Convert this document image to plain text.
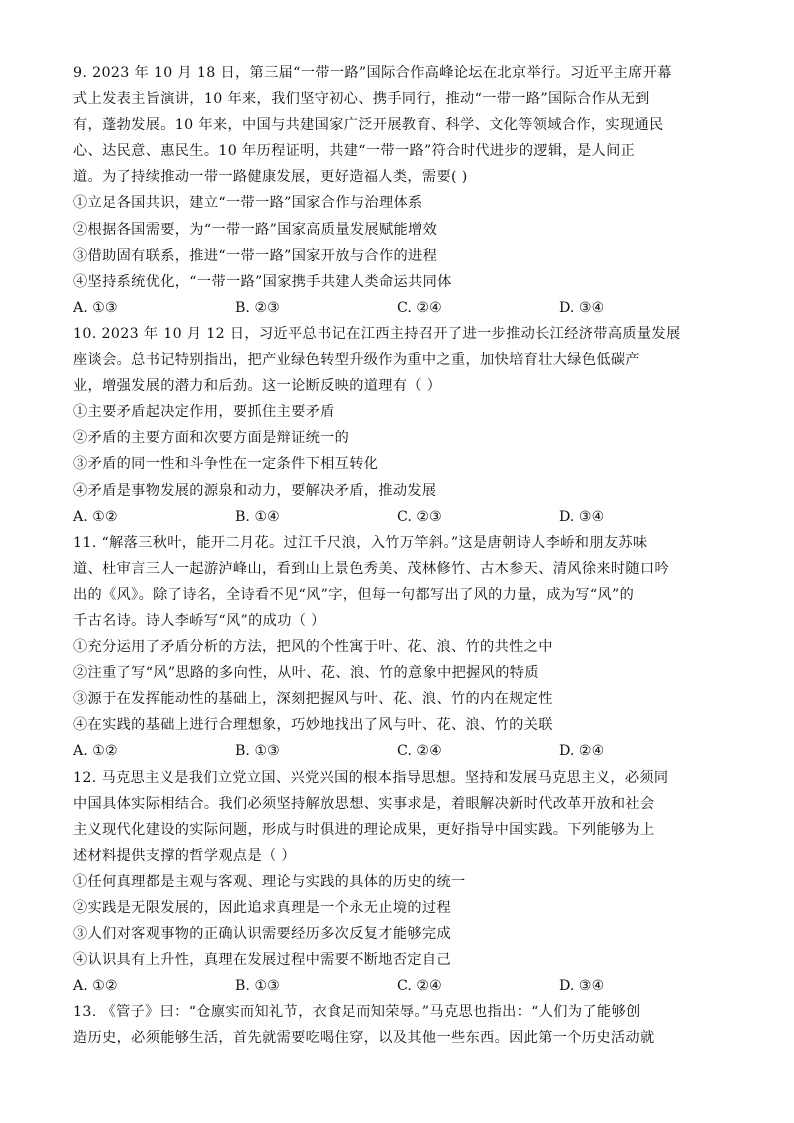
9. 2023 年 10 月 18 日，第三届“一带一路”国际合作高峰论坛在北京举行。习近平主席开幕
式上发表主旨演讲，10 年来，我们坚守初心、携手同行，推动“一带一路”国际合作从无到
有，蓬勃发展。10 年来，中国与共建国家广泛开展教育、科学、文化等领域合作，实现通民
心、达民意、惠民生。10 年历程证明，共建“一带一路”符合时代进步的逻辑，是人间正
道。为了持续推动一带一路健康发展，更好造福人类，需要( )
①立足各国共识，建立“一带一路”国家合作与治理体系
②根据各国需要，为“一带一路”国家高质量发展赋能增效
③借助固有联系，推进“一带一路”国家开放与合作的进程
④坚持系统优化，“一带一路”国家携手共建人类命运共同体
A. ①③	B. ②③	C. ②④	D. ③④
10. 2023 年 10 月 12 日，习近平总书记在江西主持召开了进一步推动长江经济带高质量发展
座谈会。总书记特别指出，把产业绿色转型升级作为重中之重，加快培育壮大绿色低碳产
业，增强发展的潜力和后劲。这一论断反映的道理有（ ）
①主要矛盾起决定作用，要抓住主要矛盾
②矛盾的主要方面和次要方面是辩证统一的
③矛盾的同一性和斗争性在一定条件下相互转化
④矛盾是事物发展的源泉和动力，要解决矛盾，推动发展
A. ①②	B. ①④	C. ②③	D. ③④
11. “解落三秋叶，能开二月花。过江千尺浪，入竹万竿斜。”这是唐朝诗人李峤和朋友苏味
道、杜审言三人一起游泸峰山，看到山上景色秀美、茂林修竹、古木参天、清风徐来时随口吟
出的《风》。除了诗名，全诗看不见“风”字，但每一句都写出了风的力量，成为写“风”的
千古名诗。诗人李峤写“风”的成功（ ）
①充分运用了矛盾分析的方法，把风的个性寓于叶、花、浪、竹的共性之中
②注重了写“风”思路的多向性，从叶、花、浪、竹的意象中把握风的特质
③源于在发挥能动性的基础上，深刻把握风与叶、花、浪、竹的内在规定性
④在实践的基础上进行合理想象，巧妙地找出了风与叶、花、浪、竹的关联
A. ①②	B. ①③	C. ②④	D. ②④
12. 马克思主义是我们立党立国、兴党兴国的根本指导思想。坚持和发展马克思主义，必须同
中国具体实际相结合。我们必须坚持解放思想、实事求是，着眼解决新时代改革开放和社会
主义现代化建设的实际问题，形成与时俱进的理论成果，更好指导中国实践。下列能够为上
述材料提供支撑的哲学观点是（ ）
①任何真理都是主观与客观、理论与实践的具体的历史的统一
②实践是无限发展的，因此追求真理是一个永无止境的过程
③人们对客观事物的正确认识需要经历多次反复才能够完成
④认识具有上升性，真理在发展过程中需要不断地否定自己
A. ①②	B. ①③	C. ②④	D. ③④
13. 《管子》曰：“仓廪实而知礼节，衣食足而知荣辱。”马克思也指出：“人们为了能够创
造历史，必须能够生活，首先就需要吃喝住穿，以及其他一些东西。因此第一个历史活动就
